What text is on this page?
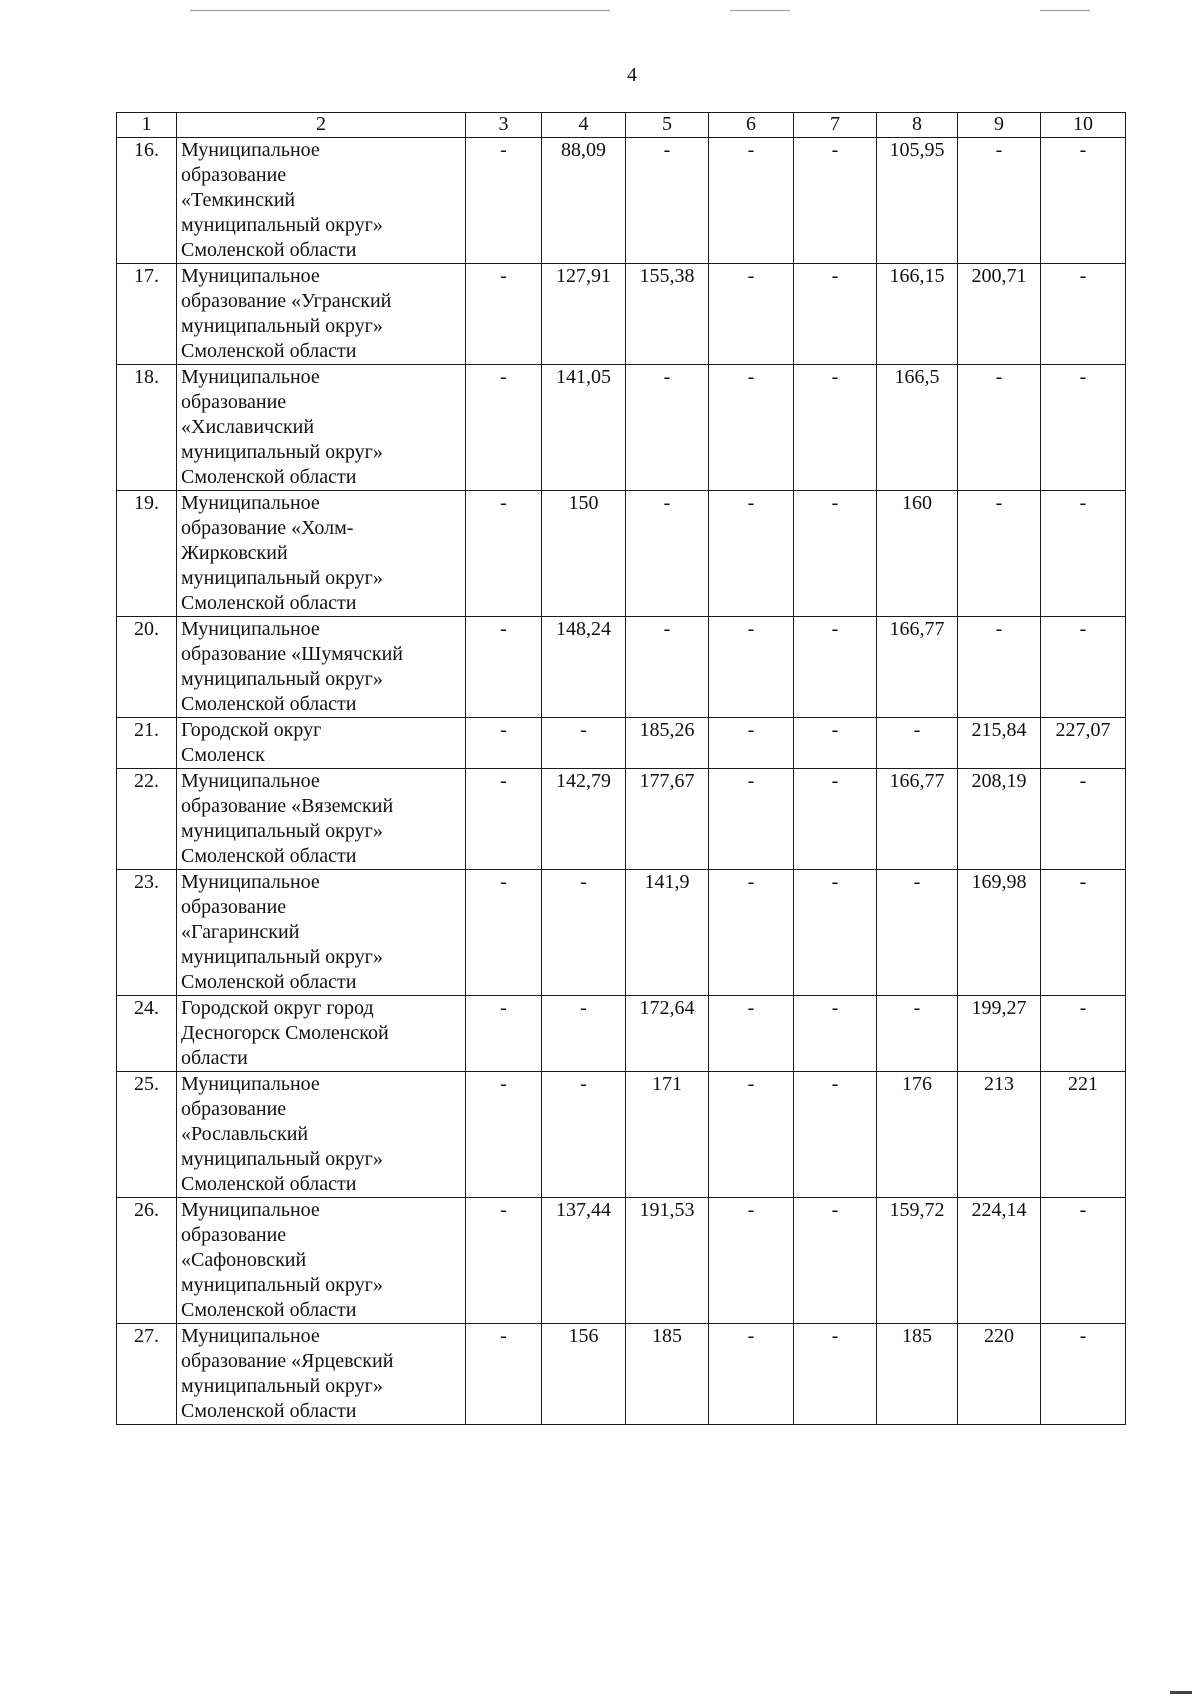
4
1	2	3	4	5	6	7	8	9	10
16.	Муниципальное
образование
«Темкинский
муниципальный округ»
Смоленской области	-	88,09	-	-	-	105,95	-	-
17.	Муниципальное
образование «Угранский
муниципальный округ»
Смоленской области	-	127,91	155,38	-	-	166,15	200,71	-
18.	Муниципальное
образование
«Хиславичский
муниципальный округ»
Смоленской области	-	141,05	-	-	-	166,5	-	-
19.	Муниципальное
образование «Холм-
Жирковский
муниципальный округ»
Смоленской области	-	150	-	-	-	160	-	-
20.	Муниципальное
образование «Шумячский
муниципальный округ»
Смоленской области	-	148,24	-	-	-	166,77	-	-
21.	Городской округ
Смоленск	-	-	185,26	-	-	-	215,84	227,07
22.	Муниципальное
образование «Вяземский
муниципальный округ»
Смоленской области	-	142,79	177,67	-	-	166,77	208,19	-
23.	Муниципальное
образование
«Гагаринский
муниципальный округ»
Смоленской области	-	-	141,9	-	-	-	169,98	-
24.	Городской округ город
Десногорск Смоленской
области	-	-	172,64	-	-	-	199,27	-
25.	Муниципальное
образование
«Рославльский
муниципальный округ»
Смоленской области	-	-	171	-	-	176	213	221
26.	Муниципальное
образование
«Сафоновский
муниципальный округ»
Смоленской области	-	137,44	191,53	-	-	159,72	224,14	-
27.	Муниципальное
образование «Ярцевский
муниципальный округ»
Смоленской области	-	156	185	-	-	185	220	-
